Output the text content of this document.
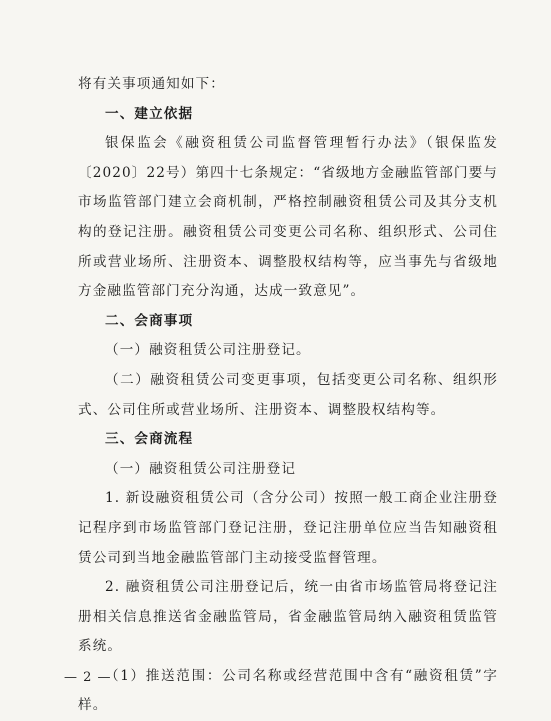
将有关事项通知如下：

一、建立依据

银保监会《融资租赁公司监督管理暂行办法》（银保监发〔2020〕22号）第四十七条规定：“省级地方金融监管部门要与市场监管部门建立会商机制，严格控制融资租赁公司及其分支机构的登记注册。融资租赁公司变更公司名称、组织形式、公司住所或营业场所、注册资本、调整股权结构等，应当事先与省级地方金融监管部门充分沟通，达成一致意见”。

二、会商事项

（一）融资租赁公司注册登记。

（二）融资租赁公司变更事项，包括变更公司名称、组织形式、公司住所或营业场所、注册资本、调整股权结构等。

三、会商流程

（一）融资租赁公司注册登记

1. 新设融资租赁公司（含分公司）按照一般工商企业注册登记程序到市场监管部门登记注册，登记注册单位应当告知融资租赁公司到当地金融监管部门主动接受监督管理。

2. 融资租赁公司注册登记后，统一由省市场监管局将登记注册相关信息推送省金融监管局，省金融监管局纳入融资租赁监管系统。

（1）推送范围：公司名称或经营范围中含有“融资租赁”字样。

— 2 —
